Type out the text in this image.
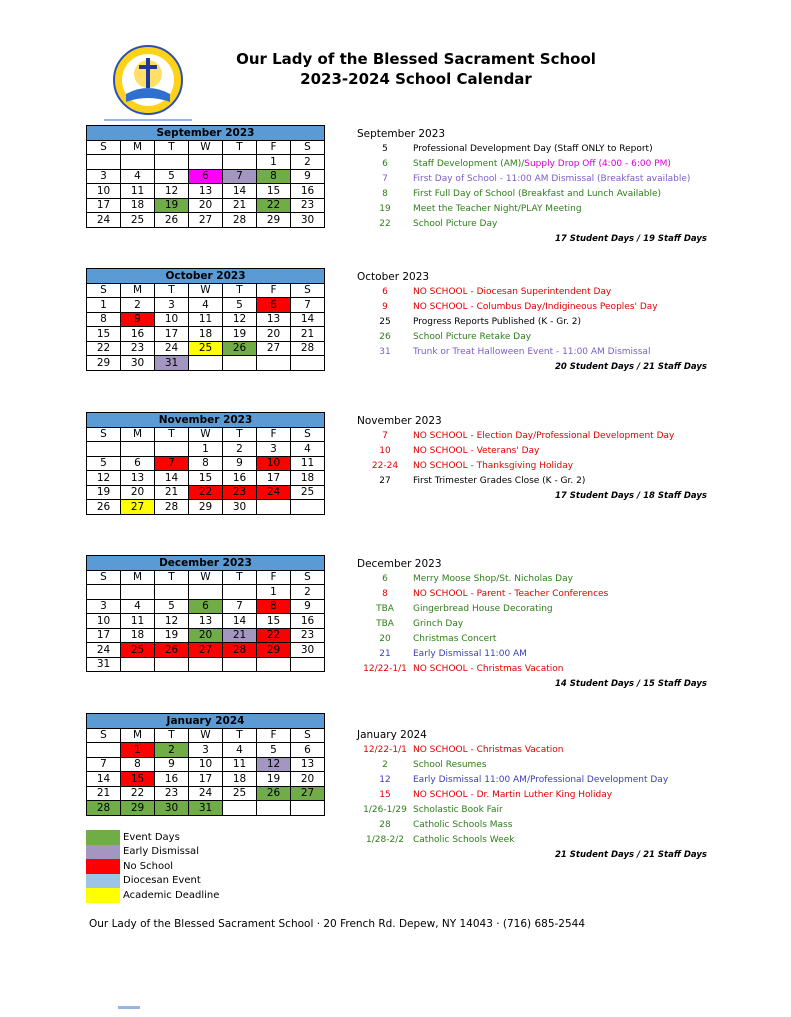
Our Lady of the Blessed Sacrament School
2023-2024 School Calendar
September 2023						
S	M	T	W	T	F	S
					1	2
3	4	5	6	7	8	9
10	11	12	13	14	15	16
17	18	19	20	21	22	23
24	25	26	27	28	29	30
October 2023						
S	M	T	W	T	F	S
1	2	3	4	5	6	7
8	9	10	11	12	13	14
15	16	17	18	19	20	21
22	23	24	25	26	27	28
29	30	31				
November 2023						
S	M	T	W	T	F	S
			1	2	3	4
5	6	7	8	9	10	11
12	13	14	15	16	17	18
19	20	21	22	23	24	25
26	27	28	29	30		
December 2023						
S	M	T	W	T	F	S
					1	2
3	4	5	6	7	8	9
10	11	12	13	14	15	16
17	18	19	20	21	22	23
24	25	26	27	28	29	30
31						
January 2024						
S	M	T	W	T	F	S
	1	2	3	4	5	6
7	8	9	10	11	12	13
14	15	16	17	18	19	20
21	22	23	24	25	26	27
28	29	30	31			
September 2023
5	Professional Development Day (Staff ONLY to Report)
6	Staff Development (AM)/Supply Drop Off (4:00 - 6:00 PM)
7	First Day of School - 11:00 AM Dismissal (Breakfast available)
8	First Full Day of School (Breakfast and Lunch Available)
19 Meet the Teacher Night/PLAY Meeting
22 School Picture Day
17 Student Days / 19 Staff Days
October 2023
6	NO SCHOOL - Diocesan Superintendent Day
9	NO SCHOOL - Columbus Day/Indigineous Peoples' Day
25 Progress Reports Published (K - Gr. 2)
26 School Picture Retake Day
31 Trunk or Treat Halloween Event - 11:00 AM Dismissal
20 Student Days / 21 Staff Days
November 2023
7	NO SCHOOL - Election Day/Professional Development Day
10 NO SCHOOL - Veterans' Day
22-24 NO SCHOOL - Thanksgiving Holiday
27 First Trimester Grades Close (K - Gr. 2)
17 Student Days / 18 Staff Days
December 2023
6	Merry Moose Shop/St. Nicholas Day
8	NO SCHOOL - Parent - Teacher Conferences
TBA Gingerbread House Decorating
TBA Grinch Day
20 Christmas Concert
21 Early Dismissal 11:00 AM
12/22-1/1 NO SCHOOL - Christmas Vacation
14 Student Days / 15 Staff Days
January 2024
12/22-1/1 NO SCHOOL - Christmas Vacation
2	School Resumes
12 Early Dismissal 11:00 AM/Professional Development Day
15 NO SCHOOL - Dr. Martin Luther King Holiday
1/26-1/29 Scholastic Book Fair
28 Catholic Schools Mass
1/28-2/2 Catholic Schools Week
21 Student Days / 21 Staff Days
Event Days
Early Dismissal
No School
Diocesan Event
Academic Deadline
Our Lady of the Blessed Sacrament School · 20 French Rd. Depew, NY 14043 · (716) 685-2544
